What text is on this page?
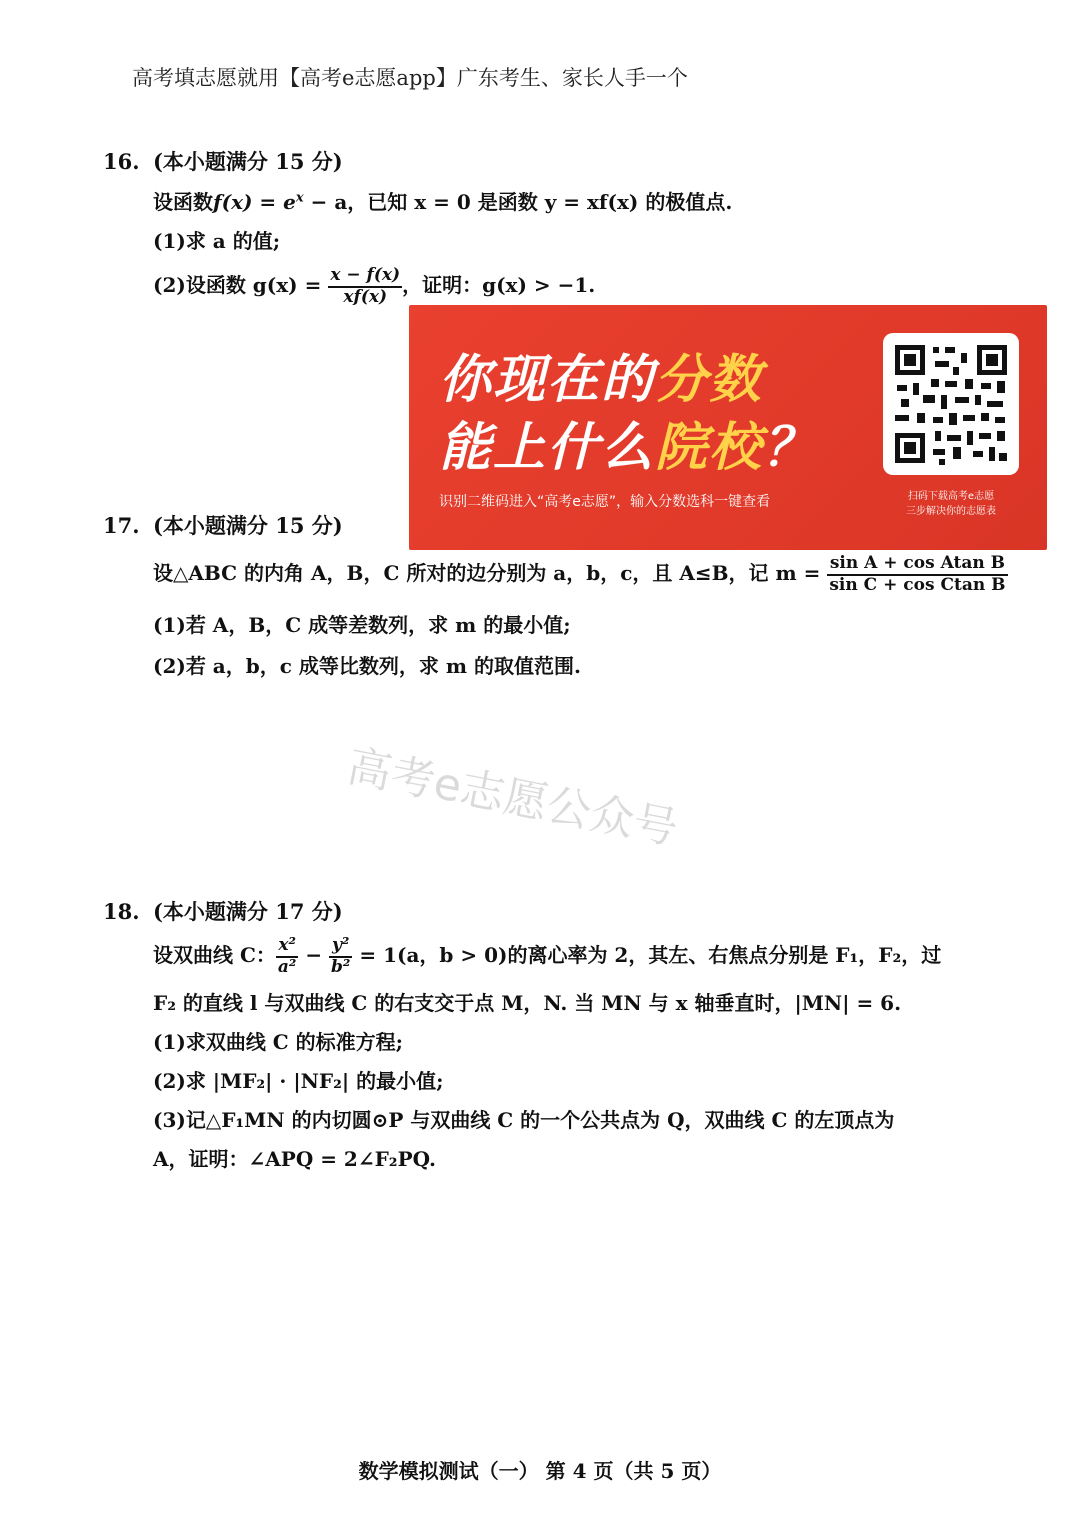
高考填志愿就用【高考e志愿app】广东考生、家长人手一个
16. (本小题满分 15 分)
设函数$f(x) = e^x - a$，已知 x = 0 是函数 y = xf(x) 的极值点.
(1)求 a 的值;
(2)设函数 $g(x) = \frac{x - f(x)}{xf(x)}$ ，证明：g(x) > −1.
你现在的分数
能上什么院校？
识别二维码进入“高考e志愿”，输入分数选科一键查看	扫码下载高考e志愿
三步解决你的志愿表
17. (本小题满分 15 分)
设△ABC 的内角 A，B，C 所对的边分别为 a，b，c，且 A≤B，记 $m = \frac{\text{sin A + cos Atan B}}{\text{sin C + cos Ctan B}}$
(1)若 A，B，C 成等差数列，求 m 的最小值;
(2)若 a，b，c 成等比数列，求 m 的取值范围.
高考e志愿公众号
18. (本小题满分 17 分)
设双曲线 C： $\frac{\text{x²}}{\text{a²}} - \frac{\text{y²}}{\text{b²}} = 1(a$，b > 0)的离心率为 2，其左、右焦点分别是 F₁，F₂，过
F₂ 的直线 l 与双曲线 C 的右支交于点 M，N. 当 MN 与 x 轴垂直时，|MN| = 6.
(1)求双曲线 C 的标准方程;
(2)求 |MF₂| · |NF₂| 的最小值;
(3)记△F₁MN 的内切圆⊙P 与双曲线 C 的一个公共点为 Q，双曲线 C 的左顶点为
A，证明：∠APQ = 2∠F₂PQ.
数学模拟测试（一） 第 4 页（共 5 页）
